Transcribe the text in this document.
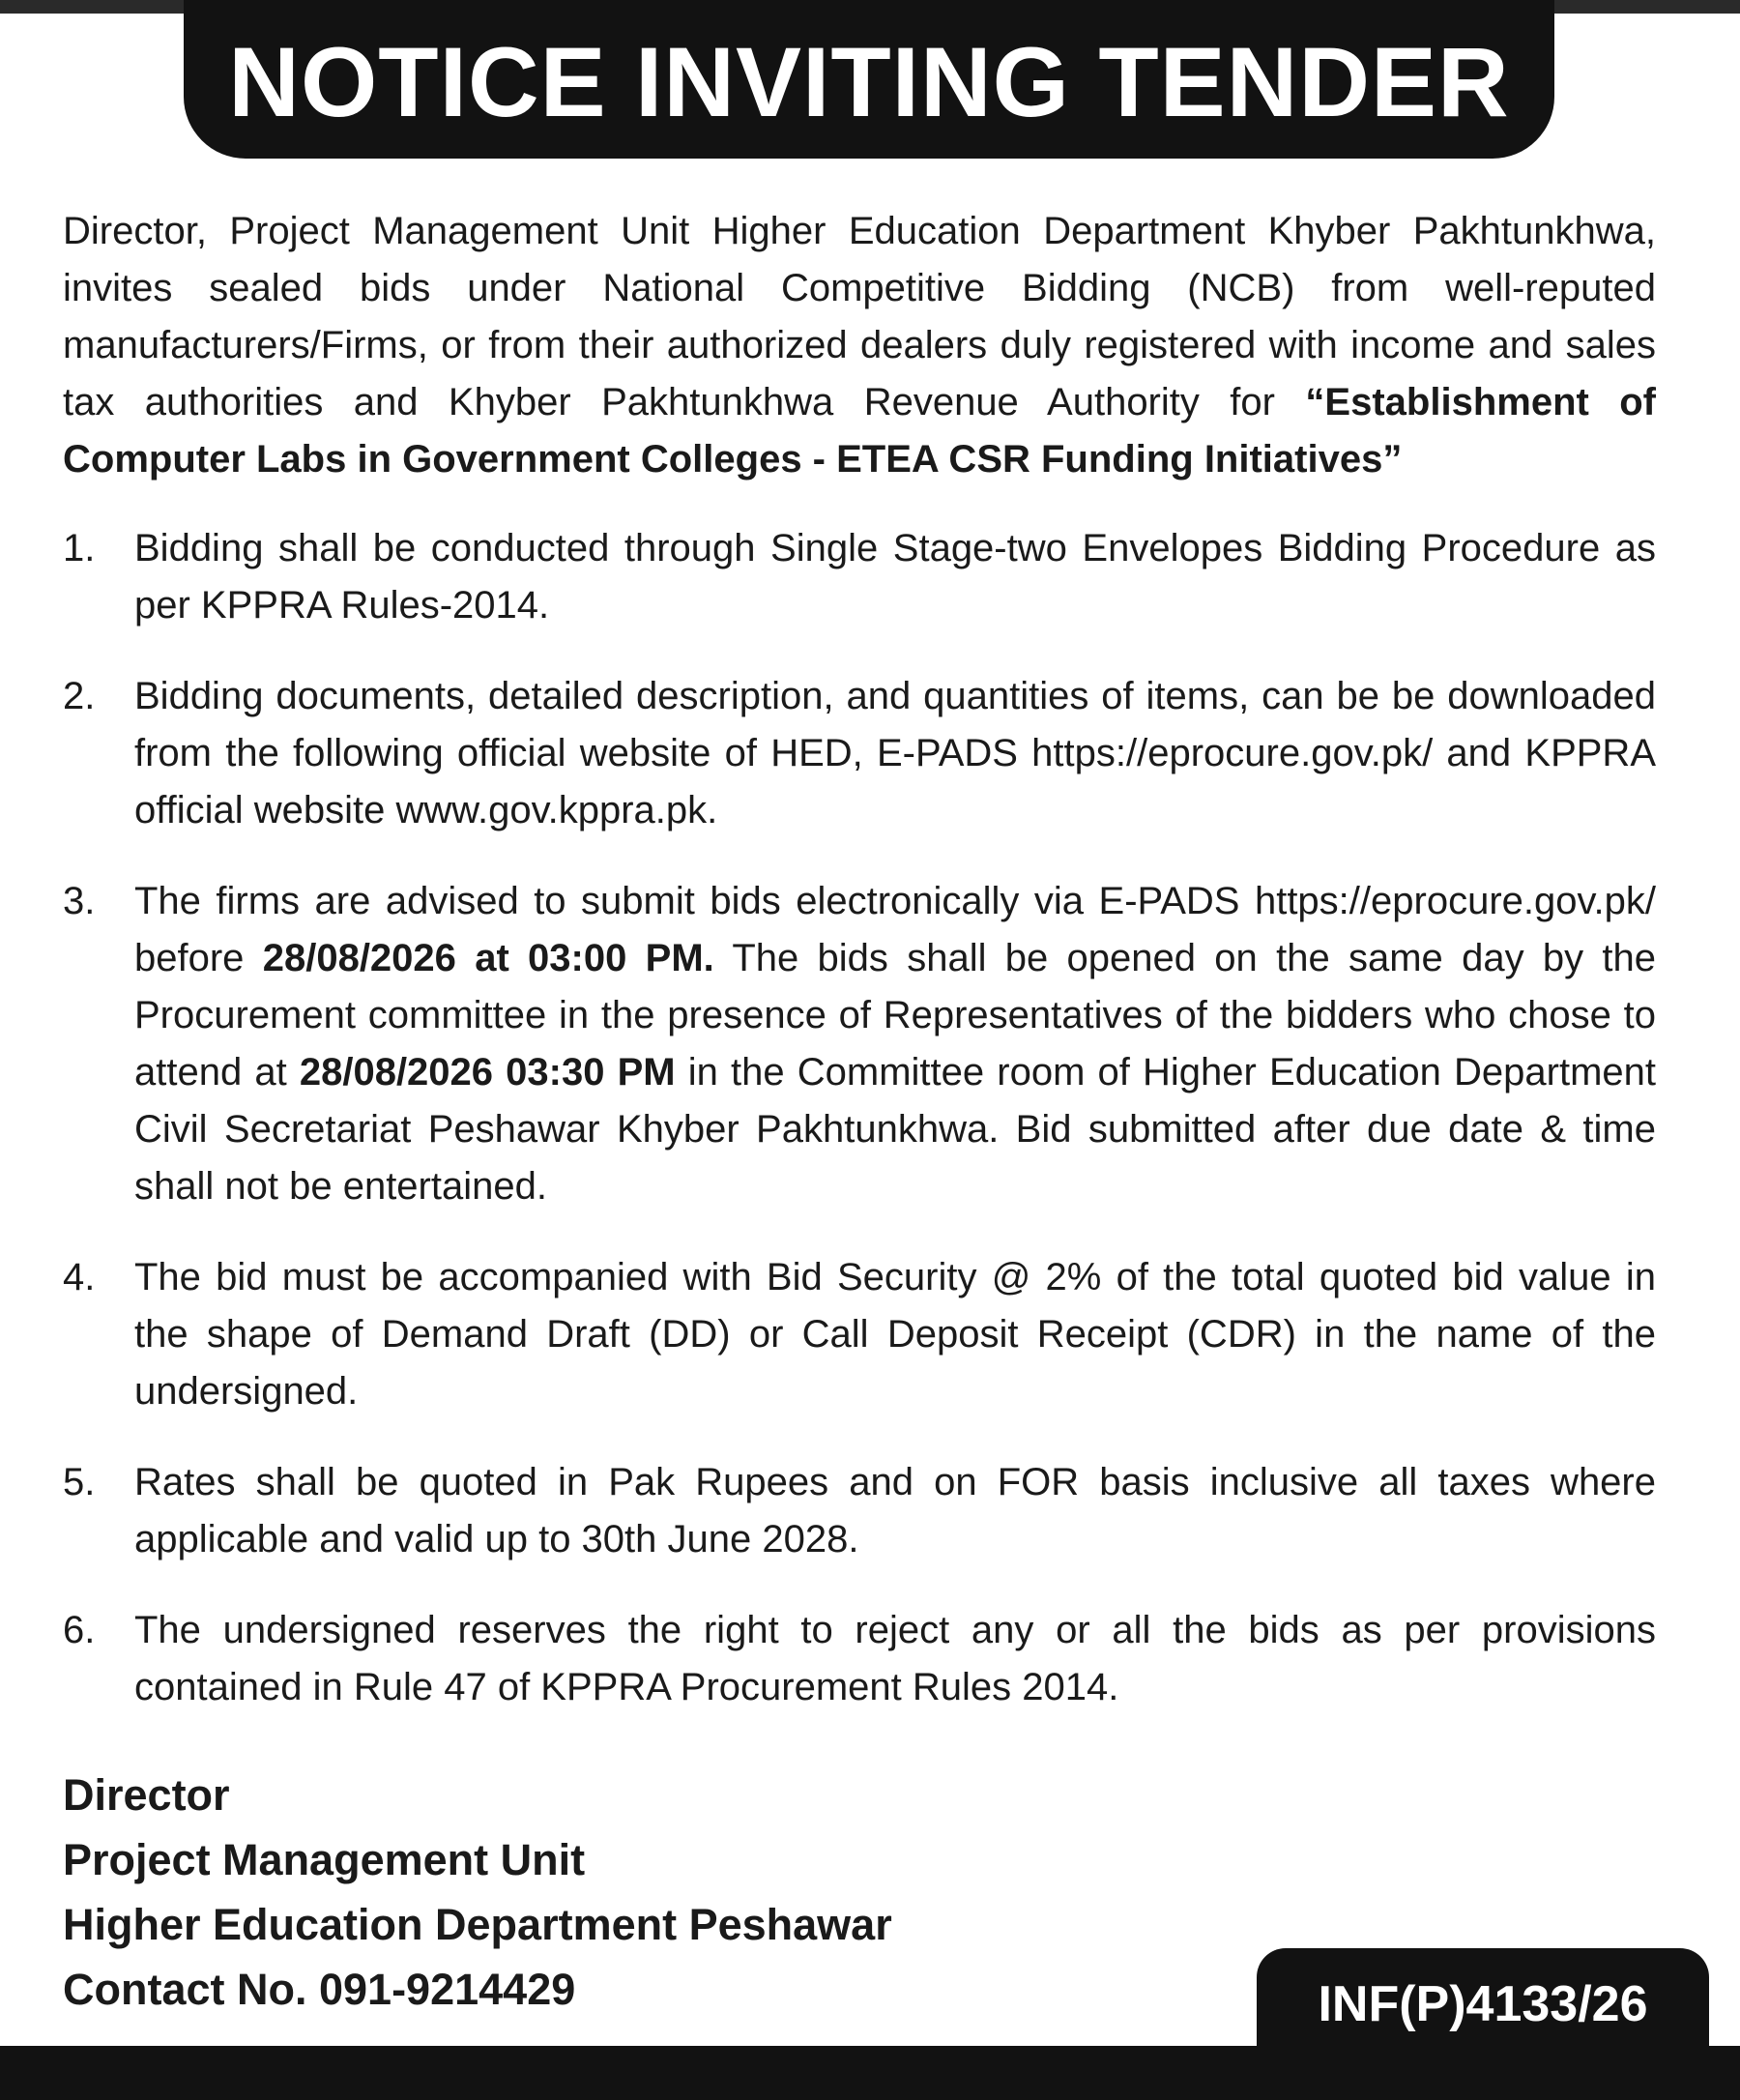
NOTICE INVITING TENDER

Director, Project Management Unit Higher Education Department Khyber Pakhtunkhwa, invites sealed bids under National Competitive Bidding (NCB) from well-reputed manufacturers/Firms, or from their authorized dealers duly registered with income and sales tax authorities and Khyber Pakhtunkhwa Revenue Authority for “Establishment of Computer Labs in Government Colleges - ETEA CSR Funding Initiatives”

1.	Bidding shall be conducted through Single Stage-two Envelopes Bidding Procedure as per KPPRA Rules-2014.
2.	Bidding documents, detailed description, and quantities of items, can be be downloaded from the following official website of HED, E-PADS https://eprocure.gov.pk/ and KPPRA official website www.gov.kppra.pk.
3.	The firms are advised to submit bids electronically via E-PADS https://eprocure.gov.pk/ before 28/08/2026 at 03:00 PM. The bids shall be opened on the same day by the Procurement committee in the presence of Representatives of the bidders who chose to attend at 28/08/2026 03:30 PM in the Committee room of Higher Education Department Civil Secretariat Peshawar Khyber Pakhtunkhwa. Bid submitted after due date & time shall not be entertained.
4.	The bid must be accompanied with Bid Security @ 2% of the total quoted bid value in the shape of Demand Draft (DD) or Call Deposit Receipt (CDR) in the name of the undersigned.
5.	Rates shall be quoted in Pak Rupees and on FOR basis inclusive all taxes where applicable and valid up to 30th June 2028.
6.	The undersigned reserves the right to reject any or all the bids as per provisions contained in Rule 47 of KPPRA Procurement Rules 2014.
Director
Project Management Unit
Higher Education Department Peshawar
Contact No. 091-9214429	INF(P)4133/26
